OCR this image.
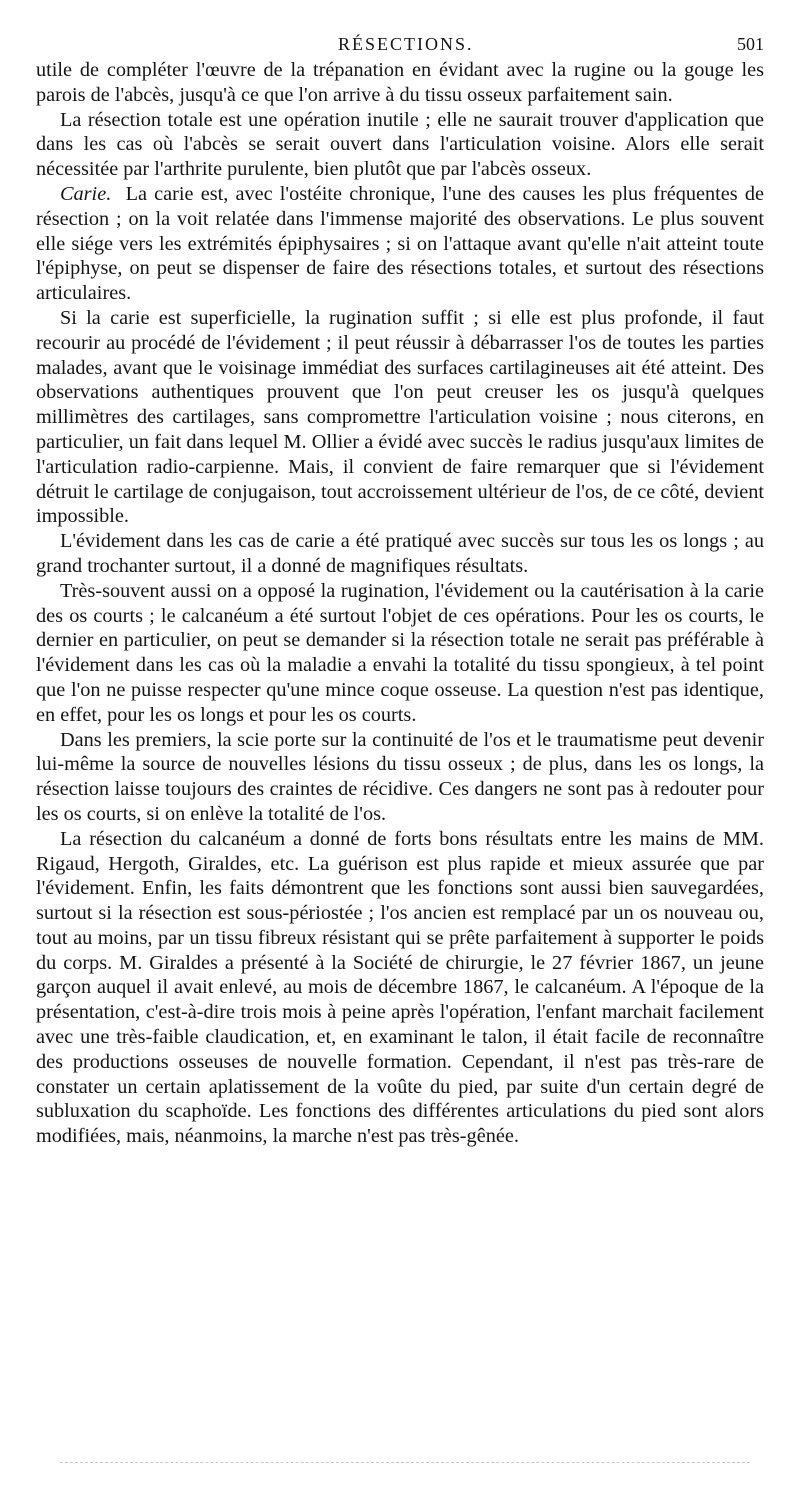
RÉSECTIONS.	501

utile de compléter l'œuvre de la trépanation en évidant avec la rugine ou la gouge les parois de l'abcès, jusqu'à ce que l'on arrive à du tissu osseux parfaitement sain.

La résection totale est une opération inutile ; elle ne saurait trouver d'application que dans les cas où l'abcès se serait ouvert dans l'articulation voisine. Alors elle serait nécessitée par l'arthrite purulente, bien plutôt que par l'abcès osseux.

Carie. La carie est, avec l'ostéite chronique, l'une des causes les plus fréquentes de résection ; on la voit relatée dans l'immense majorité des observations. Le plus souvent elle siége vers les extrémités épiphysaires ; si on l'attaque avant qu'elle n'ait atteint toute l'épiphyse, on peut se dispenser de faire des résections totales, et surtout des résections articulaires.

Si la carie est superficielle, la rugination suffit ; si elle est plus profonde, il faut recourir au procédé de l'évidement ; il peut réussir à débarrasser l'os de toutes les parties malades, avant que le voisinage immédiat des surfaces cartilagineuses ait été atteint. Des observations authentiques prouvent que l'on peut creuser les os jusqu'à quelques millimètres des cartilages, sans compromettre l'articulation voisine ; nous citerons, en particulier, un fait dans lequel M. Ollier a évidé avec succès le radius jusqu'aux limites de l'articulation radio-carpienne. Mais, il convient de faire remarquer que si l'évidement détruit le cartilage de conjugaison, tout accroissement ultérieur de l'os, de ce côté, devient impossible.

L'évidement dans les cas de carie a été pratiqué avec succès sur tous les os longs ; au grand trochanter surtout, il a donné de magnifiques résultats.

Très-souvent aussi on a opposé la rugination, l'évidement ou la cautérisation à la carie des os courts ; le calcanéum a été surtout l'objet de ces opérations. Pour les os courts, le dernier en particulier, on peut se demander si la résection totale ne serait pas préférable à l'évidement dans les cas où la maladie a envahi la totalité du tissu spongieux, à tel point que l'on ne puisse respecter qu'une mince coque osseuse. La question n'est pas identique, en effet, pour les os longs et pour les os courts.

Dans les premiers, la scie porte sur la continuité de l'os et le traumatisme peut devenir lui-même la source de nouvelles lésions du tissu osseux ; de plus, dans les os longs, la résection laisse toujours des craintes de récidive. Ces dangers ne sont pas à redouter pour les os courts, si on enlève la totalité de l'os.

La résection du calcanéum a donné de forts bons résultats entre les mains de MM. Rigaud, Hergoth, Giraldes, etc. La guérison est plus rapide et mieux assurée que par l'évidement. Enfin, les faits démontrent que les fonctions sont aussi bien sauvegardées, surtout si la résection est sous-périostée ; l'os ancien est remplacé par un os nouveau ou, tout au moins, par un tissu fibreux résistant qui se prête parfaitement à supporter le poids du corps. M. Giraldes a présenté à la Société de chirurgie, le 27 février 1867, un jeune garçon auquel il avait enlevé, au mois de décembre 1867, le calcanéum. A l'époque de la présentation, c'est-à-dire trois mois à peine après l'opération, l'enfant marchait facilement avec une très-faible claudication, et, en examinant le talon, il était facile de reconnaître des productions osseuses de nouvelle formation. Cependant, il n'est pas très-rare de constater un certain aplatissement de la voûte du pied, par suite d'un certain degré de subluxation du scaphoïde. Les fonctions des différentes articulations du pied sont alors modifiées, mais, néanmoins, la marche n'est pas très-gênée.
